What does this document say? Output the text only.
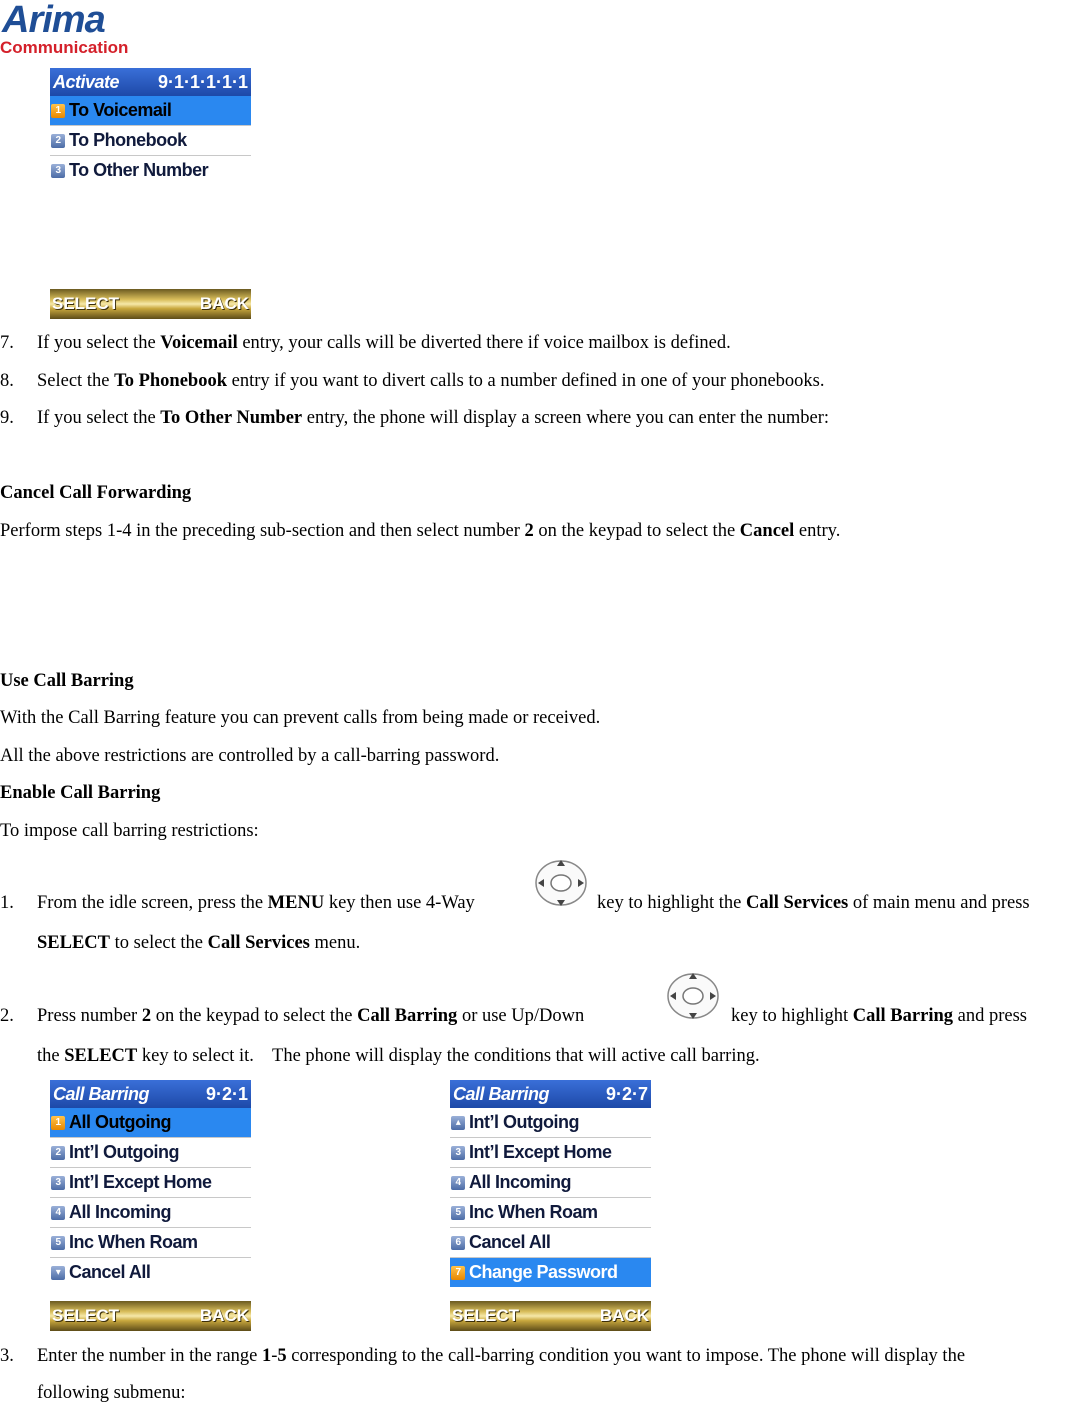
Arima
Communication
Activate 9·1·1·1·1·1
1 To Voicemail
2 To Phonebook
3 To Other Number
SELECT	BACK
7. If you select the Voicemail entry, your calls will be diverted there if voice mailbox is defined.
8. Select the To Phonebook entry if you want to divert calls to a number defined in one of your phonebooks.
9. If you select the To Other Number entry, the phone will display a screen where you can enter the number:
Cancel Call Forwarding
Perform steps 1-4 in the preceding sub-section and then select number 2 on the keypad to select the Cancel entry.
Use Call Barring
With the Call Barring feature you can prevent calls from being made or received.
All the above restrictions are controlled by a call-barring password.
Enable Call Barring
To impose call barring restrictions:
1. From the idle screen, press the MENU key then use 4-Way	key to highlight the Call Services of main menu and press
SELECT to select the Call Services menu.
2. Press number 2 on the keypad to select the Call Barring or use Up/Down	key to highlight Call Barring and press
the SELECT key to select it.    The phone will display the conditions that will active call barring.
Call Barring	9·2·1
1 All Outgoing
2 Int’l Outgoing
3 Int’l Except Home
4 All Incoming
5 Inc When Roam
▾ Cancel All
SELECT	BACK
Call Barring	9·2·7
▴ Int’l Outgoing
3 Int’l Except Home
4 All Incoming
5 Inc When Roam
6 Cancel All
7 Change Password
SELECT	BACK
3. Enter the number in the range 1-5 corresponding to the call-barring condition you want to impose. The phone will display the
following submenu:
